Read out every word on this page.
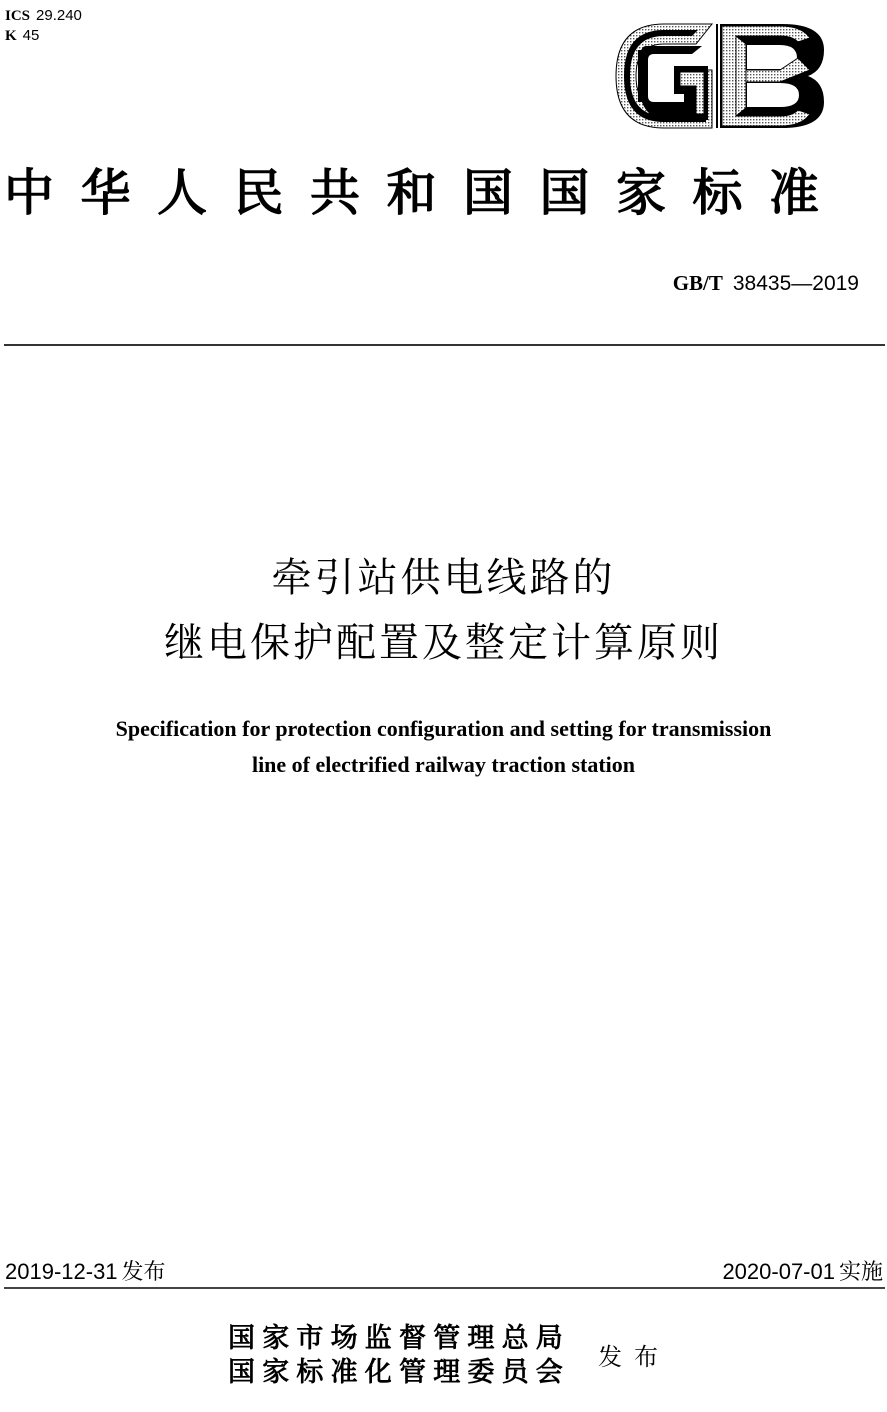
ICS 29.240
K 45
中华人民共和国国家标准
GB/T 38435—2019
牵引站供电线路的
继电保护配置及整定计算原则
Specification for protection configuration and setting for transmission
line of electrified railway traction station
2019-12-31 发布	2020-07-01 实施
国家市场监督管理总局
国家标准化管理委员会 发布
